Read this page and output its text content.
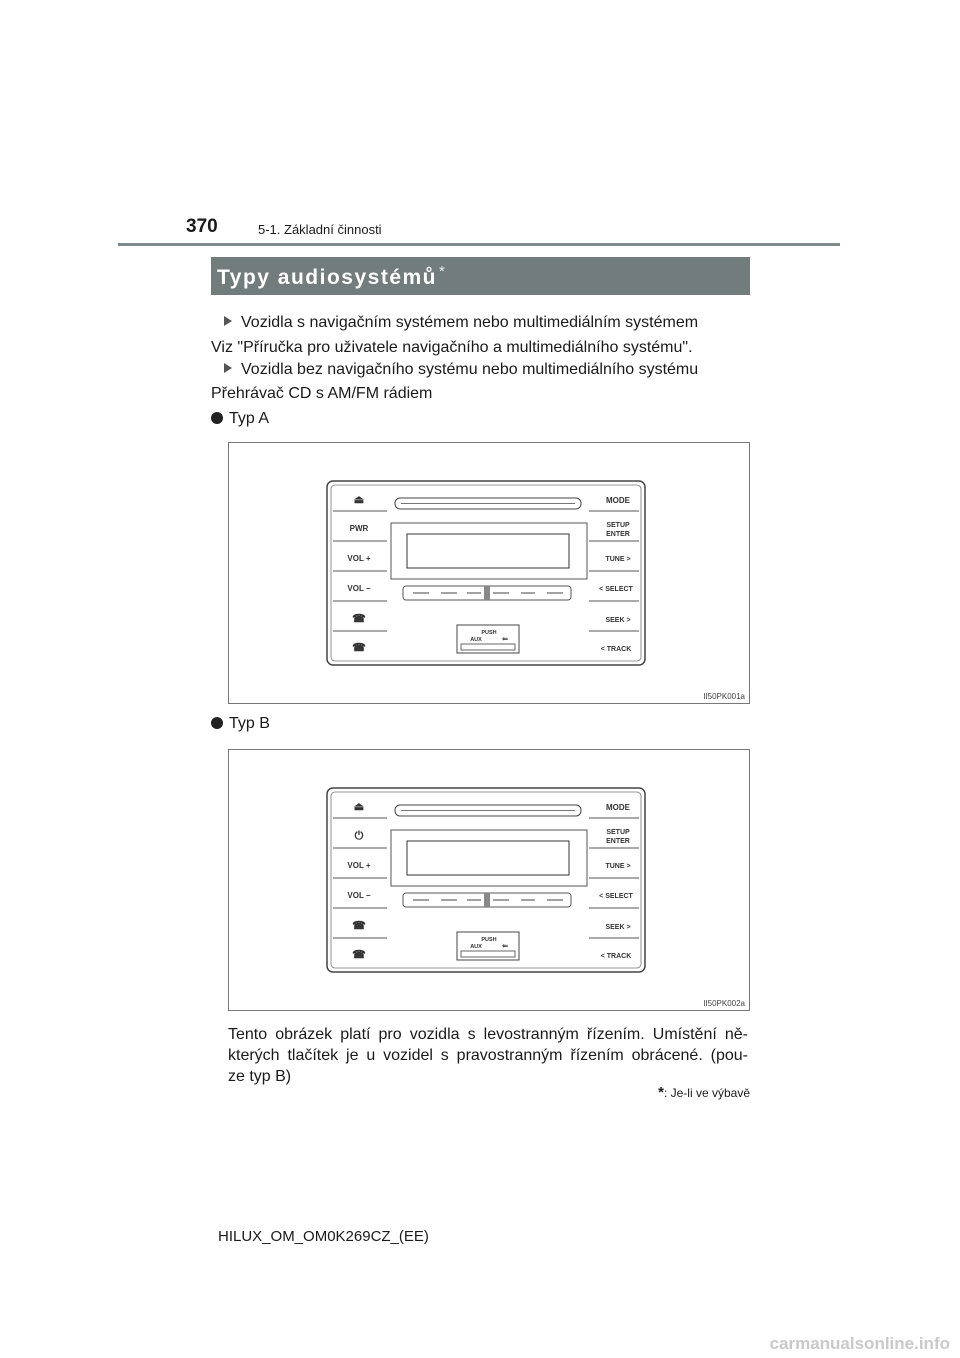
370	5-1. Základní činnosti
Typy audiosystémů *
Vozidla s navigačním systémem nebo multimediálním systémem
Viz "Příručka pro uživatele navigačního a multimediálního systému".
Vozidla bez navigačního systému nebo multimediálního systému
Přehrávač CD s AM/FM rádiem
Typ A
⏏
PWR
VOL +
VOL −
☎
☎
MODE
SETUP
ENTER
TUNE >
< SELECT
SEEK >
< TRACK
PUSH
AUX	⇐
II50PK001a
Typ B
⏏
⏻
VOL +
VOL −
☎
☎
MODE
SETUP
ENTER
TUNE >
< SELECT
SEEK >
< TRACK
PUSH
AUX	⇐
II50PK002a
Tento obrázek platí pro vozidla s levostranným řízením. Umístění ně-
kterých tlačítek je u vozidel s pravostranným řízením obrácené. (pou-
ze typ B)
*: Je-li ve výbavě
HILUX_OM_OM0K269CZ_(EE)
carmanualsonline.info
